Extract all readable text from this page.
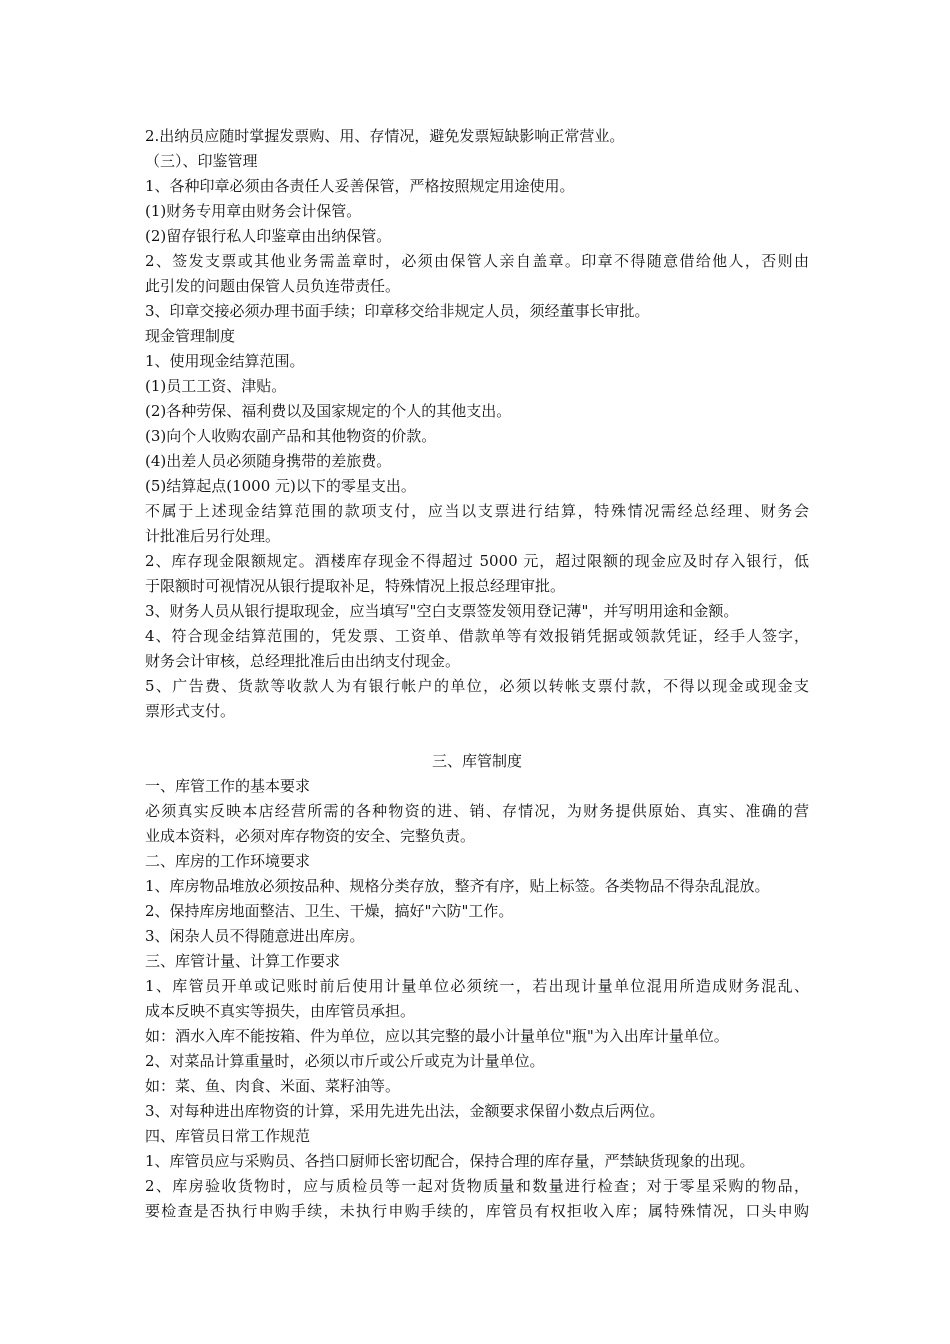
2.出纳员应随时掌握发票购、用、存情况，避免发票短缺影响正常营业。
（三）、印鉴管理
1、各种印章必须由各责任人妥善保管，严格按照规定用途使用。
(1)财务专用章由财务会计保管。
(2)留存银行私人印鉴章由出纳保管。
2、签发支票或其他业务需盖章时，必须由保管人亲自盖章。印章不得随意借给他人，否则由
此引发的问题由保管人员负连带责任。
3、印章交接必须办理书面手续；印章移交给非规定人员，须经董事长审批。
现金管理制度
1、使用现金结算范围。
(1)员工工资、津贴。
(2)各种劳保、福利费以及国家规定的个人的其他支出。
(3)向个人收购农副产品和其他物资的价款。
(4)出差人员必须随身携带的差旅费。
(5)结算起点(1000 元)以下的零星支出。
不属于上述现金结算范围的款项支付，应当以支票进行结算，特殊情况需经总经理、财务会
计批准后另行处理。
2、库存现金限额规定。酒楼库存现金不得超过 5000 元，超过限额的现金应及时存入银行，低
于限额时可视情况从银行提取补足，特殊情况上报总经理审批。
3、财务人员从银行提取现金，应当填写"空白支票签发领用登记薄"，并写明用途和金额。
4、符合现金结算范围的，凭发票、工资单、借款单等有效报销凭据或领款凭证，经手人签字，
财务会计审核，总经理批准后由出纳支付现金。
5、广告费、货款等收款人为有银行帐户的单位，必须以转帐支票付款，不得以现金或现金支
票形式支付。
三、库管制度
一、库管工作的基本要求
必须真实反映本店经营所需的各种物资的进、销、存情况，为财务提供原始、真实、准确的营
业成本资料，必须对库存物资的安全、完整负责。
二、库房的工作环境要求
1、库房物品堆放必须按品种、规格分类存放，整齐有序，贴上标签。各类物品不得杂乱混放。
2、保持库房地面整洁、卫生、干燥，搞好"六防"工作。
3、闲杂人员不得随意进出库房。
三、库管计量、计算工作要求
1、库管员开单或记账时前后使用计量单位必须统一，若出现计量单位混用所造成财务混乱、
成本反映不真实等损失，由库管员承担。
如：酒水入库不能按箱、件为单位，应以其完整的最小计量单位"瓶"为入出库计量单位。
2、对菜品计算重量时，必须以市斤或公斤或克为计量单位。
如：菜、鱼、肉食、米面、菜籽油等。
3、对每种进出库物资的计算，采用先进先出法，金额要求保留小数点后两位。
四、库管员日常工作规范
1、库管员应与采购员、各挡口厨师长密切配合，保持合理的库存量，严禁缺货现象的出现。
2、库房验收货物时，应与质检员等一起对货物质量和数量进行检查；对于零星采购的物品，
要检查是否执行申购手续，未执行申购手续的，库管员有权拒收入库；属特殊情况，口头申购
